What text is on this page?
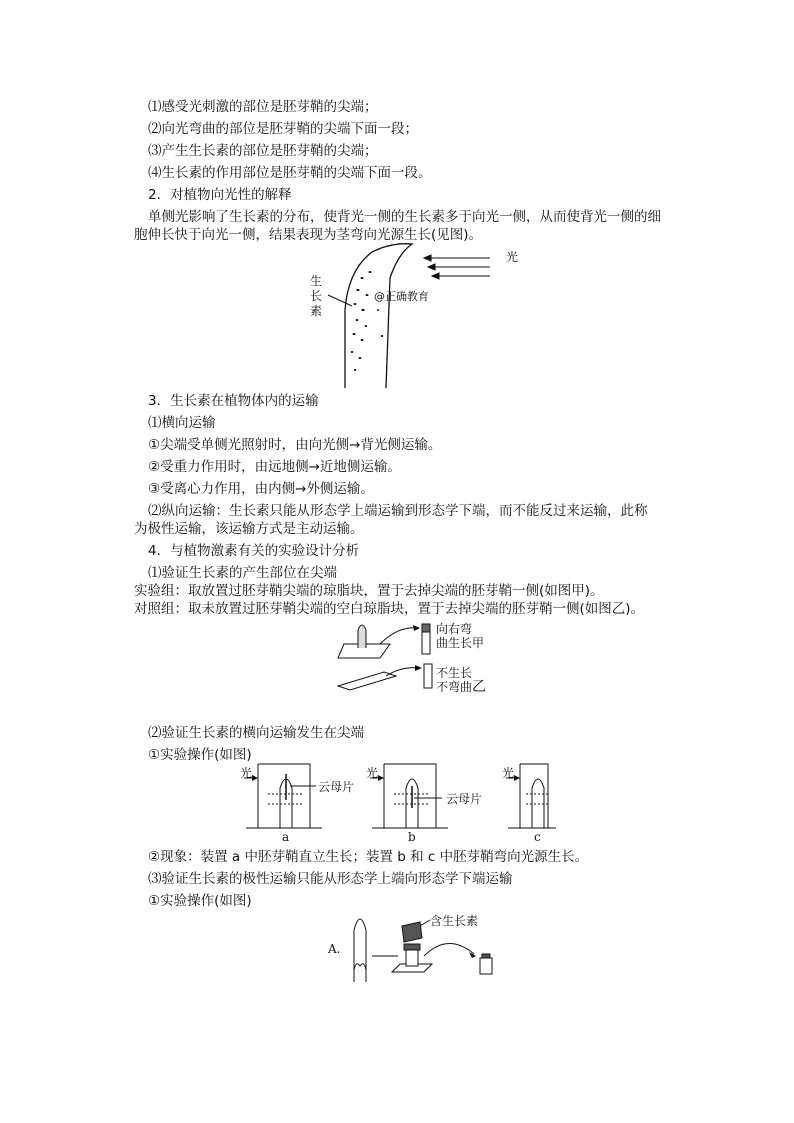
⑴感受光刺激的部位是胚芽鞘的尖端；
⑵向光弯曲的部位是胚芽鞘的尖端下面一段；
⑶产生生长素的部位是胚芽鞘的尖端；
⑷生长素的作用部位是胚芽鞘的尖端下面一段。
2．对植物向光性的解释
单侧光影响了生长素的分布，使背光一侧的生长素多于向光一侧，从而使背光一侧的细
胞伸长快于向光一侧，结果表现为茎弯向光源生长(见图)。
光
生
长
素
@正确教育
3．生长素在植物体内的运输
⑴横向运输
①尖端受单侧光照射时，由向光侧→背光侧运输。
②受重力作用时，由远地侧→近地侧运输。
③受离心力作用，由内侧→外侧运输。
⑵纵向运输：生长素只能从形态学上端运输到形态学下端，而不能反过来运输，此称
为极性运输，该运输方式是主动运输。
4．与植物激素有关的实验设计分析
⑴验证生长素的产生部位在尖端
实验组：取放置过胚芽鞘尖端的琼脂块，置于去掉尖端的胚芽鞘一侧(如图甲)。
对照组：取未放置过胚芽鞘尖端的空白琼脂块，置于去掉尖端的胚芽鞘一侧(如图乙)。
向右弯
曲生长甲
不生长
不弯曲乙
⑵验证生长素的横向运输发生在尖端
①实验操作(如图)
光
云母片
光
云母片
光
a	b	c
②现象：装置 a 中胚芽鞘直立生长；装置 b 和 c 中胚芽鞘弯向光源生长。
⑶验证生长素的极性运输只能从形态学上端向形态学下端运输
①实验操作(如图)
A.
含生长素
